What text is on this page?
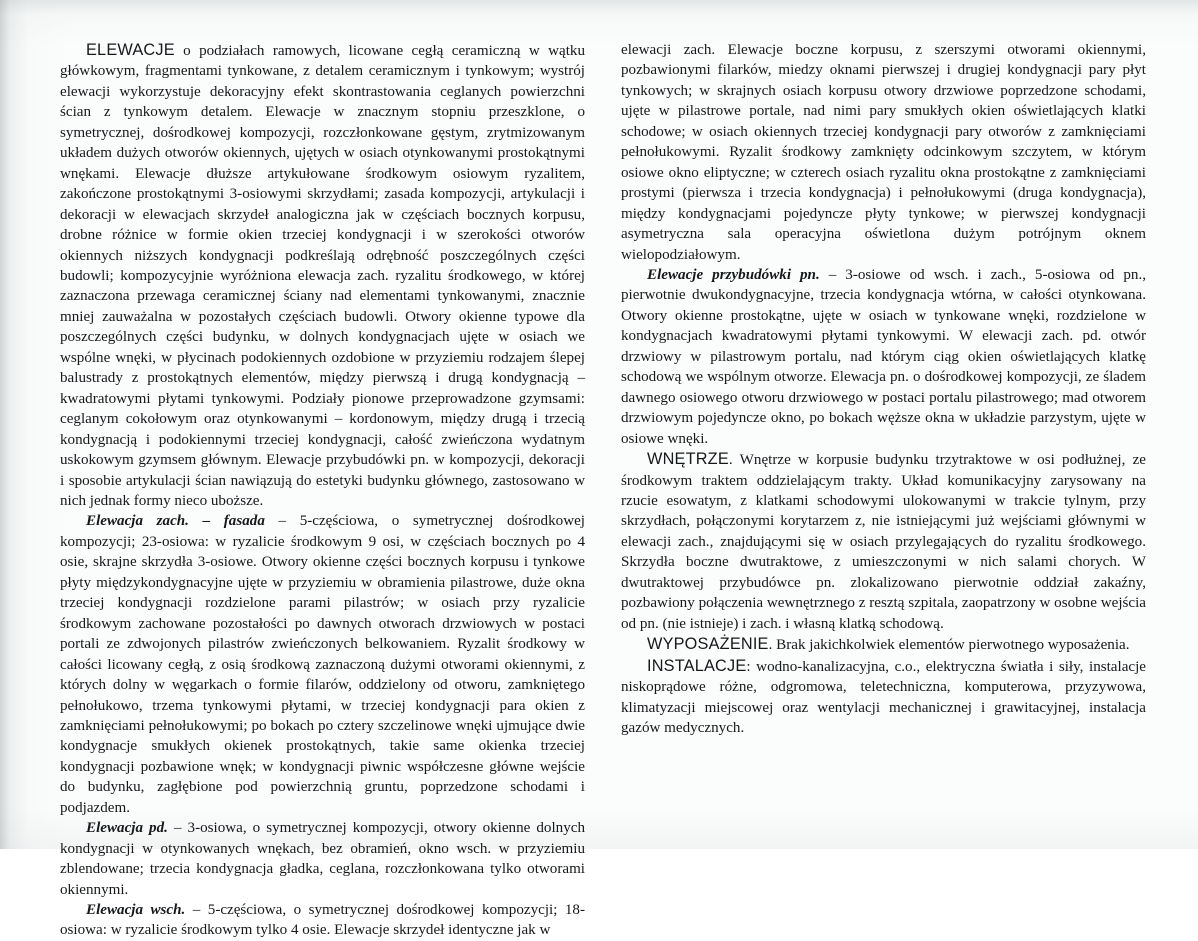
ELEWACJE o podziałach ramowych, licowane cegłą ceramiczną w wątku główkowym, fragmentami tynkowane, z detalem ceramicznym i tynkowym; wystrój elewacji wykorzystuje dekoracyjny efekt skontrastowania ceglanych powierzchni ścian z tynkowym detalem. Elewacje w znacznym stopniu przeszklone, o symetrycznej, dośrodkowej kompozycji, rozczłonkowane gęstym, zrytmizowanym układem dużych otworów okiennych, ujętych w osiach otynkowanymi prostokątnymi wnękami. Elewacje dłuższe artykułowane środkowym osiowym ryzalitem, zakończone prostokątnymi 3-osiowymi skrzydłami; zasada kompozycji, artykulacji i dekoracji w elewacjach skrzydeł analogiczna jak w częściach bocznych korpusu, drobne różnice w formie okien trzeciej kondygnacji i w szerokości otworów okiennych niższych kondygnacji podkreślają odrębność poszczególnych części budowli; kompozycyjnie wyróżniona elewacja zach. ryzalitu środkowego, w której zaznaczona przewaga ceramicznej ściany nad elementami tynkowanymi, znacznie mniej zauważalna w pozostałych częściach budowli. Otwory okienne typowe dla poszczególnych części budynku, w dolnych kondygnacjach ujęte w osiach we wspólne wnęki, w płycinach podokiennych ozdobione w przyziemiu rodzajem ślepej balustrady z prostokątnych elementów, między pierwszą i drugą kondygnacją – kwadratowymi płytami tynkowymi. Podziały pionowe przeprowadzone gzymsami: ceglanym cokołowym oraz otynkowanymi – kordonowym, między drugą i trzecią kondygnacją i podokiennymi trzeciej kondygnacji, całość zwieńczona wydatnym uskokowym gzymsem głównym. Elewacje przybudówki pn. w kompozycji, dekoracji i sposobie artykulacji ścian nawiązują do estetyki budynku głównego, zastosowano w nich jednak formy nieco uboższe.

Elewacja zach. – fasada – 5-częściowa, o symetrycznej dośrodkowej kompozycji; 23-osiowa: w ryzalicie środkowym 9 osi, w częściach bocznych po 4 osie, skrajne skrzydła 3-osiowe. Otwory okienne części bocznych korpusu i tynkowe płyty międzykondygnacyjne ujęte w przyziemiu w obramienia pilastrowe, duże okna trzeciej kondygnacji rozdzielone parami pilastrów; w osiach przy ryzalicie środkowym zachowane pozostałości po dawnych otworach drzwiowych w postaci portali ze zdwojonych pilastrów zwieńczonych belkowaniem. Ryzalit środkowy w całości licowany cegłą, z osią środkową zaznaczoną dużymi otworami okiennymi, z których dolny w węgarkach o formie filarów, oddzielony od otworu, zamkniętego pełnołukowo, trzema tynkowymi płytami, w trzeciej kondygnacji para okien z zamknięciami pełnołukowymi; po bokach po cztery szczelinowe wnęki ujmujące dwie kondygnacje smukłych okienek prostokątnych, takie same okienka trzeciej kondygnacji pozbawione wnęk; w kondygnacji piwnic współczesne główne wejście do budynku, zagłębione pod powierzchnią gruntu, poprzedzone schodami i podjazdem.

Elewacja pd. – 3-osiowa, o symetrycznej kompozycji, otwory okienne dolnych kondygnacji w otynkowanych wnękach, bez obramień, okno wsch. w przyziemiu zblendowane; trzecia kondygnacja gładka, ceglana, rozczłonkowana tylko otworami okiennymi.

Elewacja wsch. – 5-częściowa, o symetrycznej dośrodkowej kompozycji; 18-osiowa: w ryzalicie środkowym tylko 4 osie. Elewacje skrzydeł identyczne jak w

elewacji zach. Elewacje boczne korpusu, z szerszymi otworami okiennymi, pozbawionymi filarków, miedzy oknami pierwszej i drugiej kondygnacji pary płyt tynkowych; w skrajnych osiach korpusu otwory drzwiowe poprzedzone schodami, ujęte w pilastrowe portale, nad nimi pary smukłych okien oświetlających klatki schodowe; w osiach okiennych trzeciej kondygnacji pary otworów z zamknięciami pełnołukowymi. Ryzalit środkowy zamknięty odcinkowym szczytem, w którym osiowe okno eliptyczne; w czterech osiach ryzalitu okna prostokątne z zamknięciami prostymi (pierwsza i trzecia kondygnacja) i pełnołukowymi (druga kondygnacja), między kondygnacjami pojedyncze płyty tynkowe; w pierwszej kondygnacji asymetryczna sala operacyjna oświetlona dużym potrójnym oknem wielopodziałowym.

Elewacje przybudówki pn. – 3-osiowe od wsch. i zach., 5-osiowa od pn., pierwotnie dwukondygnacyjne, trzecia kondygnacja wtórna, w całości otynkowana. Otwory okienne prostokątne, ujęte w osiach w tynkowane wnęki, rozdzielone w kondygnacjach kwadratowymi płytami tynkowymi. W elewacji zach. pd. otwór drzwiowy w pilastrowym portalu, nad którym ciąg okien oświetlających klatkę schodową we wspólnym otworze. Elewacja pn. o dośrodkowej kompozycji, ze śladem dawnego osiowego otworu drzwiowego w postaci portalu pilastrowego; mad otworem drzwiowym pojedyncze okno, po bokach węższe okna w układzie parzystym, ujęte w osiowe wnęki.

WNĘTRZE. Wnętrze w korpusie budynku trzytraktowe w osi podłużnej, ze środkowym traktem oddzielającym trakty. Układ komunikacyjny zarysowany na rzucie esowatym, z klatkami schodowymi ulokowanymi w trakcie tylnym, przy skrzydłach, połączonymi korytarzem z, nie istniejącymi już wejściami głównymi w elewacji zach., znajdującymi się w osiach przylegających do ryzalitu środkowego. Skrzydła boczne dwutraktowe, z umieszczonymi w nich salami chorych. W dwutraktowej przybudówce pn. zlokalizowano pierwotnie oddział zakaźny, pozbawiony połączenia wewnętrznego z resztą szpitala, zaopatrzony w osobne wejścia od pn. (nie istnieje) i zach. i własną klatką schodową.

WYPOSAŻENIE. Brak jakichkolwiek elementów pierwotnego wyposażenia.

INSTALACJE: wodno-kanalizacyjna, c.o., elektryczna światła i siły, instalacje niskoprądowe różne, odgromowa, teletechniczna, komputerowa, przyzywowa, klimatyzacji miejscowej oraz wentylacji mechanicznej i grawitacyjnej, instalacja gazów medycznych.
